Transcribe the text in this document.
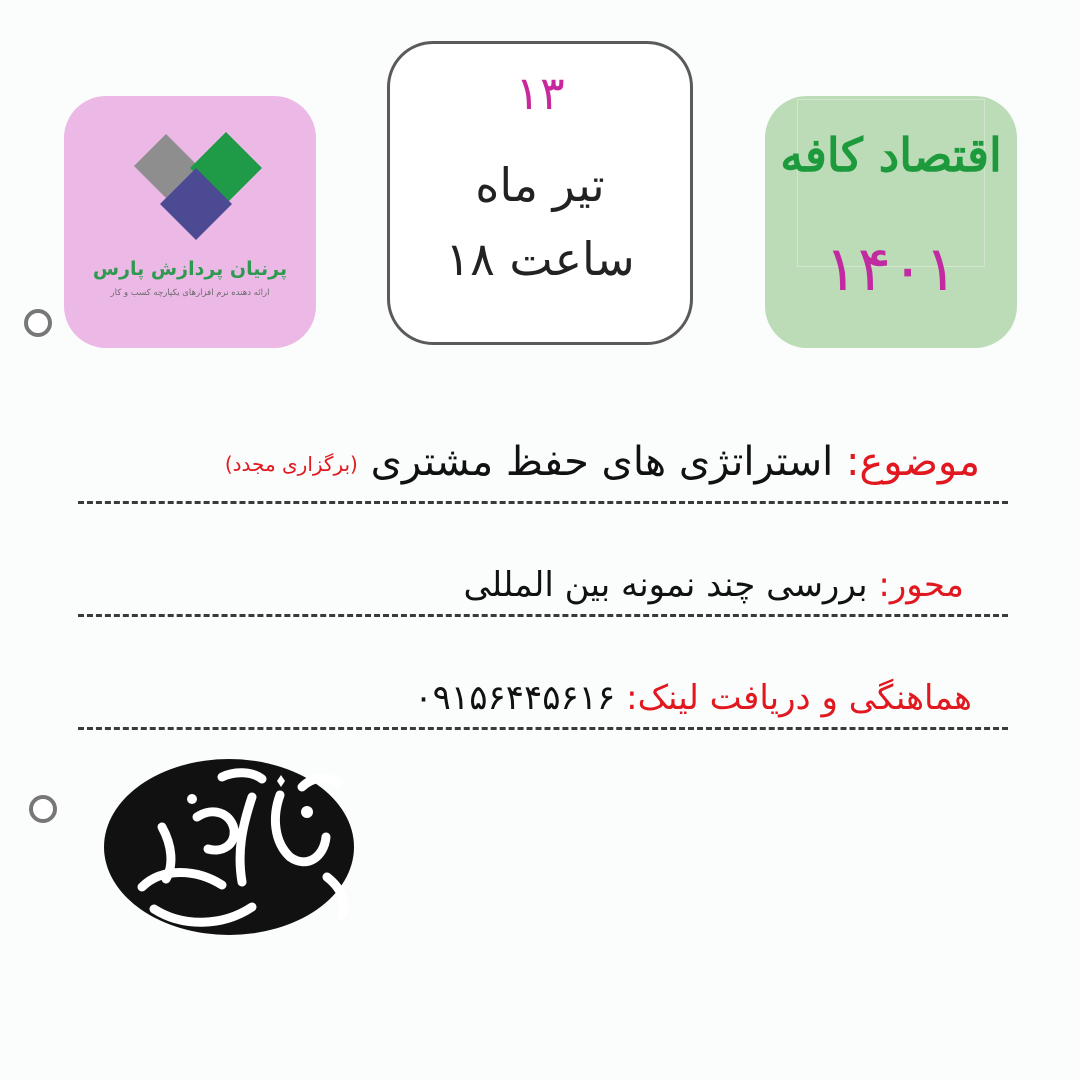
پرنیان پردازش پارس
ارائه دهنده نرم افزارهای یکپارچه کسب و کار
۱۳
تیر ماه
ساعت ۱۸
اقتصاد کافه
۱۴۰۱
موضوع: استراتژی های حفظ مشتری (برگزاری مجدد)
محور: بررسی چند نمونه بین المللی
هماهنگی و دریافت لینک: ۰۹۱۵۶۴۴۵۶۱۶
